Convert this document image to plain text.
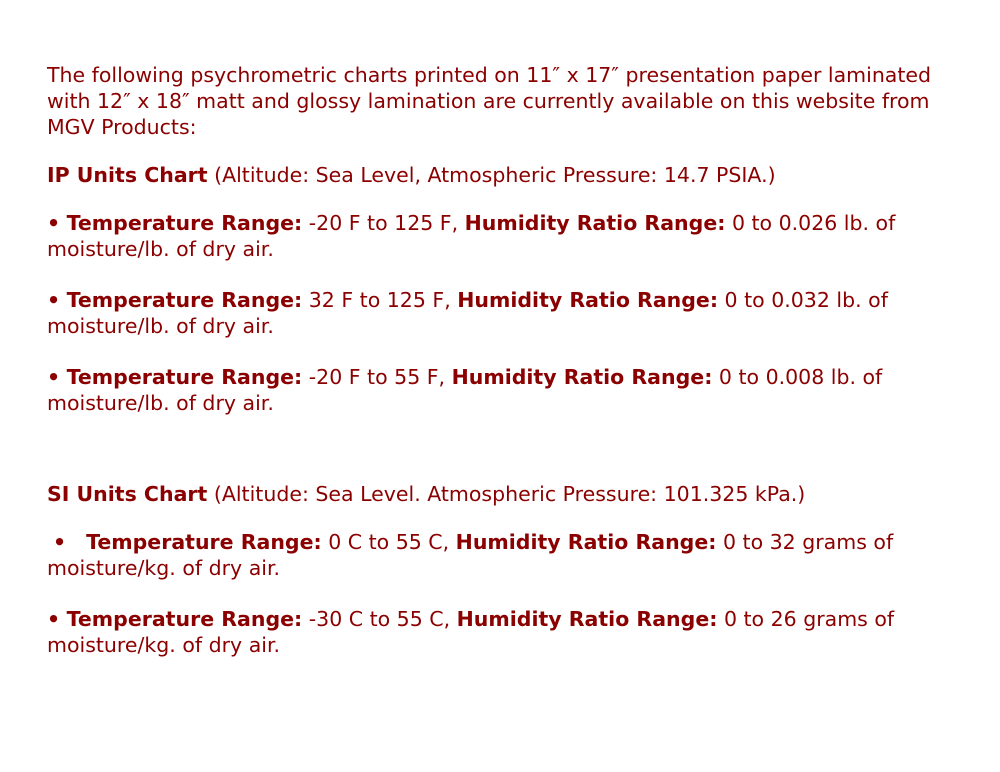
The following psychrometric charts printed on 11″ x 17″ presentation paper laminated with 12″ x 18″ matt and glossy lamination are currently available on this website from MGV Products:

IP Units Chart (Altitude: Sea Level, Atmospheric Pressure: 14.7 PSIA.)

• Temperature Range: -20 F to 125 F, Humidity Ratio Range: 0 to 0.026 lb. of moisture/lb. of dry air.

• Temperature Range: 32 F to 125 F, Humidity Ratio Range: 0 to 0.032 lb. of moisture/lb. of dry air.

• Temperature Range: -20 F to 55 F, Humidity Ratio Range: 0 to 0.008 lb. of moisture/lb. of dry air.

SI Units Chart (Altitude: Sea Level. Atmospheric Pressure: 101.325 kPa.)

• Temperature Range: 0 C to 55 C, Humidity Ratio Range: 0 to 32 grams of moisture/kg. of dry air.

• Temperature Range: -30 C to 55 C, Humidity Ratio Range: 0 to 26 grams of moisture/kg. of dry air.
